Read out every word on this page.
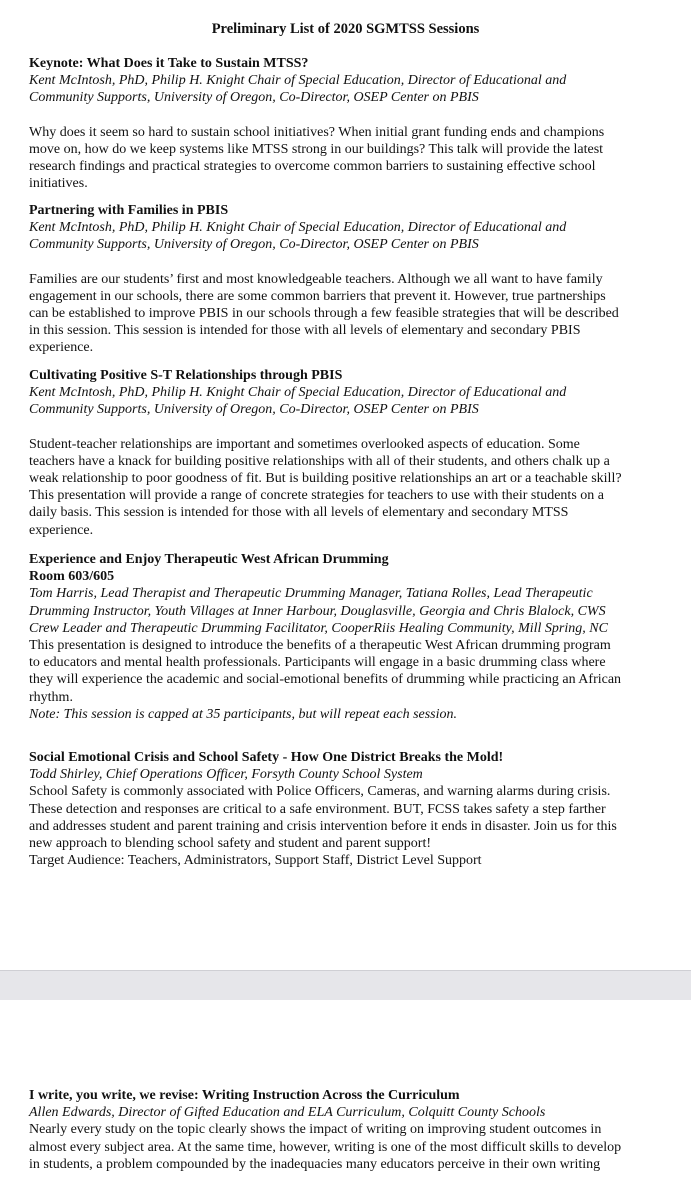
Preliminary List of 2020 SGMTSS Sessions

Keynote: What Does it Take to Sustain MTSS?

Kent McIntosh, PhD, Philip H. Knight Chair of Special Education, Director of Educational and

Community Supports, University of Oregon, Co-Director, OSEP Center on PBIS

Why does it seem so hard to sustain school initiatives? When initial grant funding ends and champions

move on, how do we keep systems like MTSS strong in our buildings? This talk will provide the latest

research findings and practical strategies to overcome common barriers to sustaining effective school

initiatives.

Partnering with Families in PBIS

Kent McIntosh, PhD, Philip H. Knight Chair of Special Education, Director of Educational and

Community Supports, University of Oregon, Co-Director, OSEP Center on PBIS

Families are our students’ first and most knowledgeable teachers. Although we all want to have family

engagement in our schools, there are some common barriers that prevent it. However, true partnerships

can be established to improve PBIS in our schools through a few feasible strategies that will be described

in this session. This session is intended for those with all levels of elementary and secondary PBIS

experience.

Cultivating Positive S-T Relationships through PBIS

Kent McIntosh, PhD, Philip H. Knight Chair of Special Education, Director of Educational and

Community Supports, University of Oregon, Co-Director, OSEP Center on PBIS

Student-teacher relationships are important and sometimes overlooked aspects of education. Some

teachers have a knack for building positive relationships with all of their students, and others chalk up a

weak relationship to poor goodness of fit. But is building positive relationships an art or a teachable skill?

This presentation will provide a range of concrete strategies for teachers to use with their students on a

daily basis. This session is intended for those with all levels of elementary and secondary MTSS

experience.

Experience and Enjoy Therapeutic West African Drumming

Room 603/605

Tom Harris, Lead Therapist and Therapeutic Drumming Manager, Tatiana Rolles, Lead Therapeutic

Drumming Instructor, Youth Villages at Inner Harbour, Douglasville, Georgia and Chris Blalock, CWS

Crew Leader and Therapeutic Drumming Facilitator, CooperRiis Healing Community, Mill Spring, NC

This presentation is designed to introduce the benefits of a therapeutic West African drumming program

to educators and mental health professionals. Participants will engage in a basic drumming class where

they will experience the academic and social-emotional benefits of drumming while practicing an African

rhythm.

Note: This session is capped at 35 participants, but will repeat each session.

Social Emotional Crisis and School Safety - How One District Breaks the Mold!

Todd Shirley, Chief Operations Officer, Forsyth County School System

School Safety is commonly associated with Police Officers, Cameras, and warning alarms during crisis.

These detection and responses are critical to a safe environment. BUT, FCSS takes safety a step farther

and addresses student and parent training and crisis intervention before it ends in disaster. Join us for this

new approach to blending school safety and student and parent support!

Target Audience: Teachers, Administrators, Support Staff, District Level Support

I write, you write, we revise: Writing Instruction Across the Curriculum

Allen Edwards, Director of Gifted Education and ELA Curriculum, Colquitt County Schools

Nearly every study on the topic clearly shows the impact of writing on improving student outcomes in

almost every subject area. At the same time, however, writing is one of the most difficult skills to develop

in students, a problem compounded by the inadequacies many educators perceive in their own writing
